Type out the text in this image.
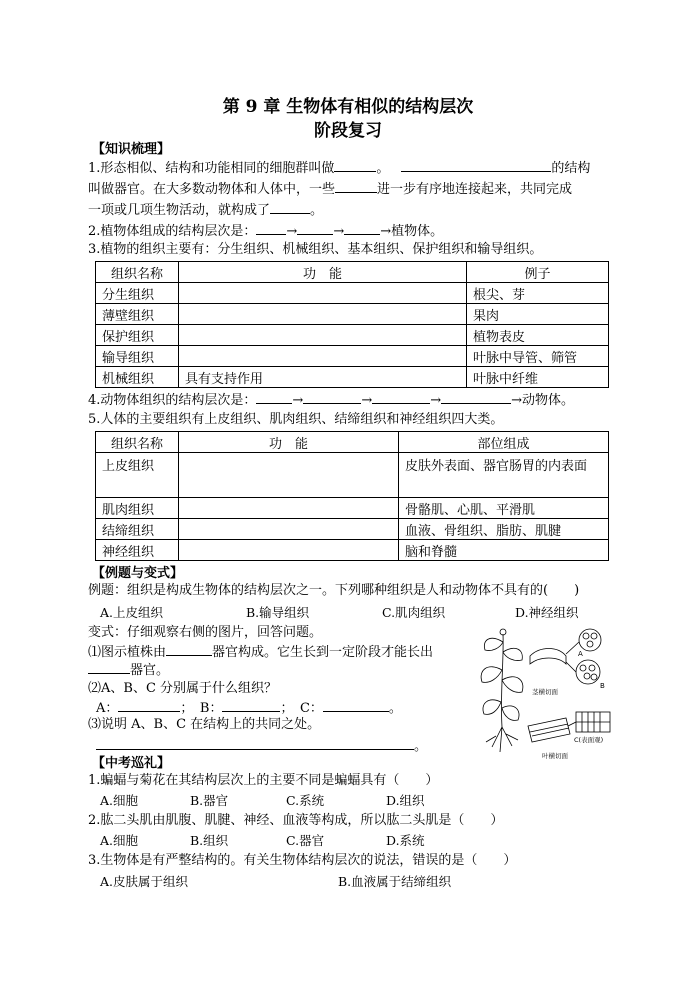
第 9 章 生物体有相似的结构层次
阶段复习
【知识梳理】
1.形态相似、结构和功能相同的细胞群叫做	。	的结构
叫做器官。在大多数动物体和人体中，一些	进一步有序地连接起来，共同完成
一项或几项生物活动，就构成了	。
2.植物体组成的结构层次是： →	→	→植物体。
3.植物的组织主要有：分生组织、机械组织、基本组织、保护组织和输导组织。
组织名称	功　能	例子
分生组织		根尖、芽
薄壁组织		果肉
保护组织		植物表皮
输导组织		叶脉中导管、筛管
机械组织	具有支持作用	叶脉中纤维
4.动物体组织的结构层次是：	→	→	→	→动物体。
5.人体的主要组织有上皮组织、肌肉组织、结缔组织和神经组织四大类。
组织名称	功　能	部位组成
上皮组织		皮肤外表面、器官肠胃的内表面
肌肉组织		骨骼肌、心肌、平滑肌
结缔组织		血液、骨组织、脂肪、肌腱
神经组织		脑和脊髓
【例题与变式】
例题：组织是构成生物体的结构层次之一。下列哪种组织是人和动物体不具有的(　　)
A.上皮组织	B.输导组织	C.肌肉组织	D.神经组织
变式：仔细观察右侧的图片，回答问题。
⑴图示植株由	器官构成。它生长到一定阶段才能长出
器官。
⑵A、B、C 分别属于什么组织？
A：	；　B：	；　C：	。
⑶说明 A、B、C 在结构上的共同之处。
。
A
B
C(表面观)
茎横切面
叶横切面
【中考巡礼】
1.蝙蝠与菊花在其结构层次上的主要不同是蝙蝠具有（　　）
A.细胞	B.器官	C.系统	D.组织
2.肱二头肌由肌腹、肌腱、神经、血液等构成，所以肱二头肌是（　　）
A.细胞	B.组织	C.器官	D.系统
3.生物体是有严整结构的。有关生物体结构层次的说法，错误的是（　　）
A.皮肤属于组织	B.血液属于结缔组织
